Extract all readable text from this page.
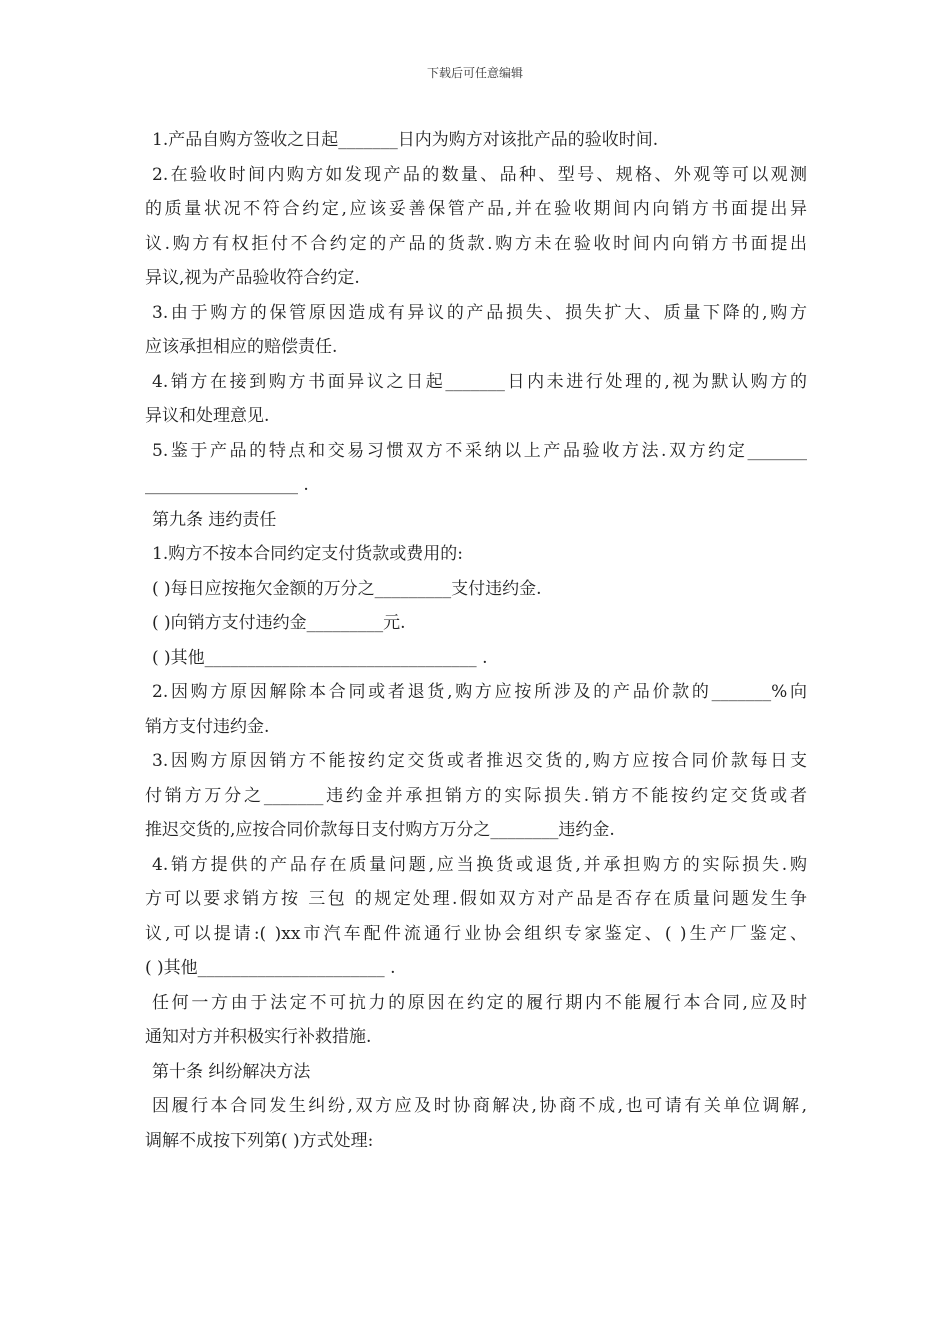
下载后可任意编辑
1.产品自购方签收之日起_______日内为购方对该批产品的验收时间.
2.在验收时间内购方如发现产品的数量、品种、型号、规格、外观等可以观测
的质量状况不符合约定,应该妥善保管产品,并在验收期间内向销方书面提出异
议.购方有权拒付不合约定的产品的货款.购方未在验收时间内向销方书面提出
异议,视为产品验收符合约定.
3.由于购方的保管原因造成有异议的产品损失、损失扩大、质量下降的,购方
应该承担相应的赔偿责任.
4.销方在接到购方书面异议之日起_______日内未进行处理的,视为默认购方的
异议和处理意见.
5.鉴于产品的特点和交易习惯双方不采纳以上产品验收方法.双方约定_______
__________________ .
第九条 违约责任
1.购方不按本合同约定支付货款或费用的:
( )每日应按拖欠金额的万分之_________支付违约金.
( )向销方支付违约金_________元.
( )其他________________________________ .
2.因购方原因解除本合同或者退货,购方应按所涉及的产品价款的_______%向
销方支付违约金.
3.因购方原因销方不能按约定交货或者推迟交货的,购方应按合同价款每日支
付销方万分之_______违约金并承担销方的实际损失.销方不能按约定交货或者
推迟交货的,应按合同价款每日支付购方万分之________违约金.
4.销方提供的产品存在质量问题,应当换货或退货,并承担购方的实际损失.购
方可以要求销方按 三包 的规定处理.假如双方对产品是否存在质量问题发生争
议,可以提请:( )xx市汽车配件流通行业协会组织专家鉴定、( )生产厂鉴定、
( )其他______________________ .
任何一方由于法定不可抗力的原因在约定的履行期内不能履行本合同,应及时
通知对方并积极实行补救措施.
第十条 纠纷解决方法
因履行本合同发生纠纷,双方应及时协商解决,协商不成,也可请有关单位调解,
调解不成按下列第( )方式处理:
